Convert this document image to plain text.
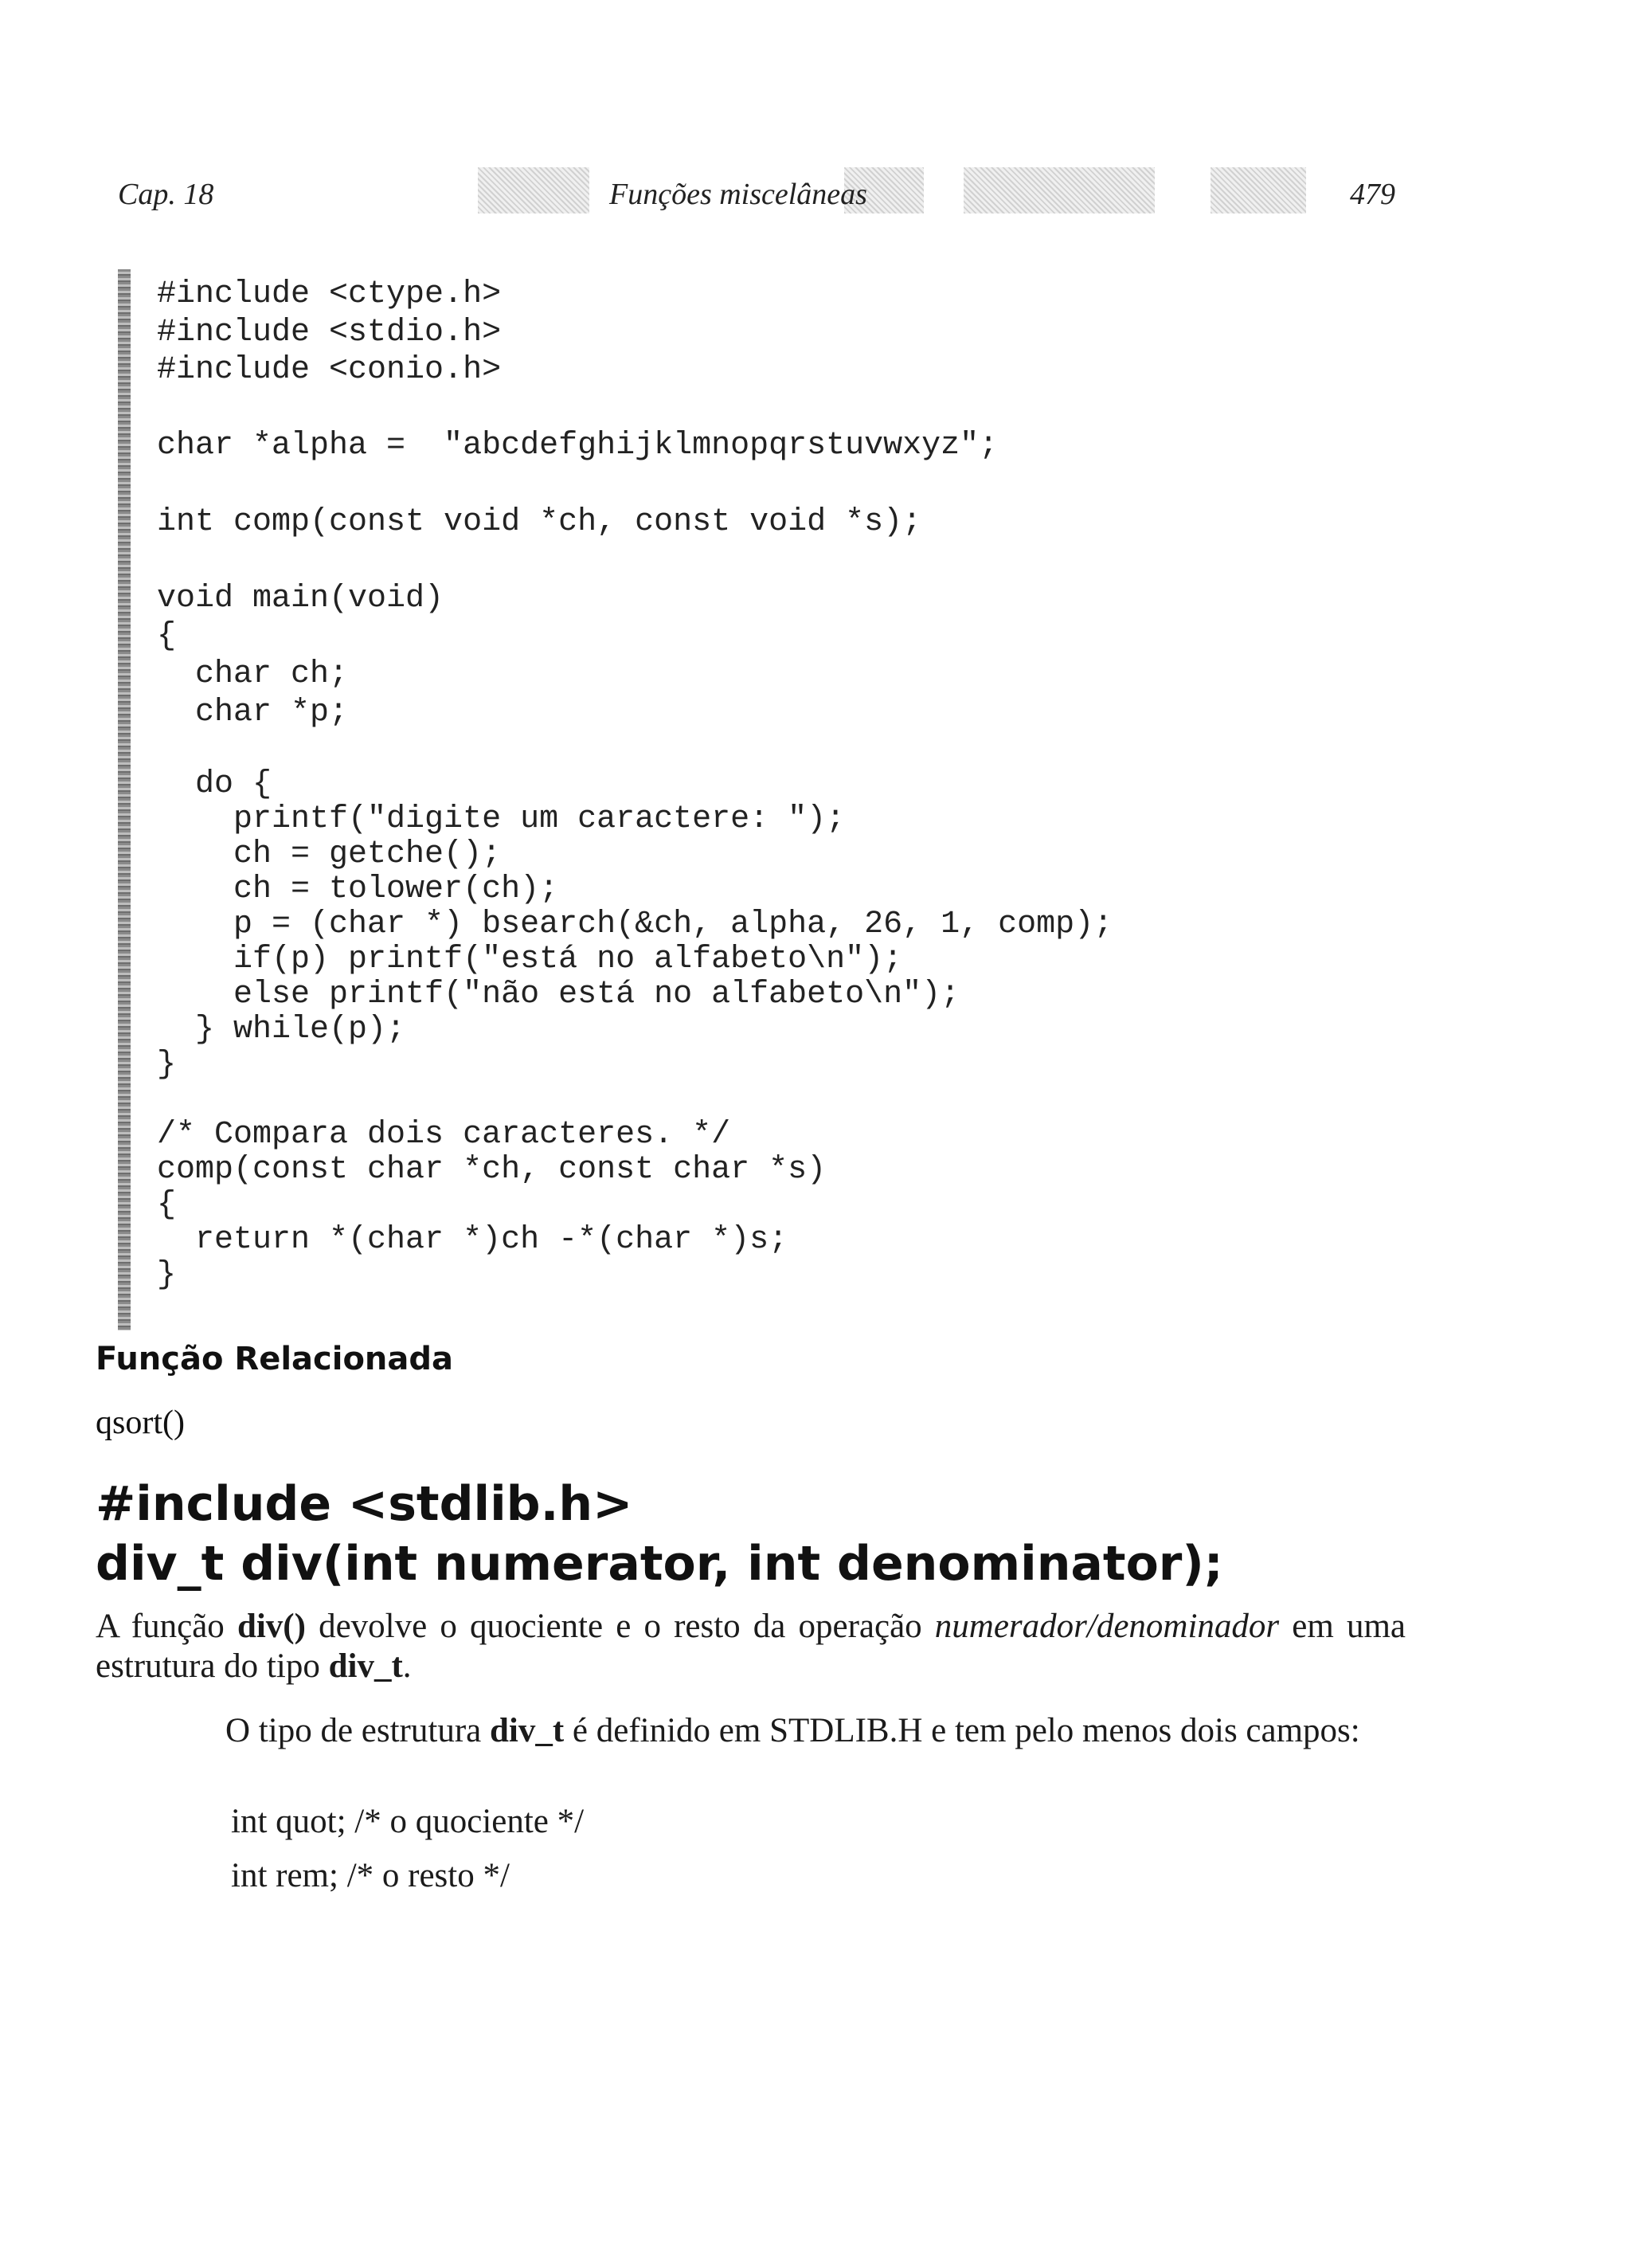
Cap. 18	Funções miscelâneas	479
#include <ctype.h>
#include <stdio.h>
#include <conio.h>
char *alpha =  "abcdefghijklmnopqrstuvwxyz";
int comp(const void *ch, const void *s);
void main(void)
{
char ch;
char *p;
do {
printf("digite um caractere: ");
ch = getche();
ch = tolower(ch);
p = (char *) bsearch(&ch, alpha, 26, 1, comp);
if(p) printf("está no alfabeto\n");
else printf("não está no alfabeto\n");
} while(p);
}
/* Compara dois caracteres. */
comp(const char *ch, const char *s)
{
return *(char *)ch -*(char *)s;
}
Função Relacionada
qsort()
#include <stdlib.h>
div_t div(int numerator, int denominator);

A função div() devolve o quociente e o resto da operação numerador/denominador em uma estrutura do tipo div_t.

O tipo de estrutura div_t é definido em STDLIB.H e tem pelo menos dois campos:

int quot; /* o quociente */
int rem; /* o resto */
